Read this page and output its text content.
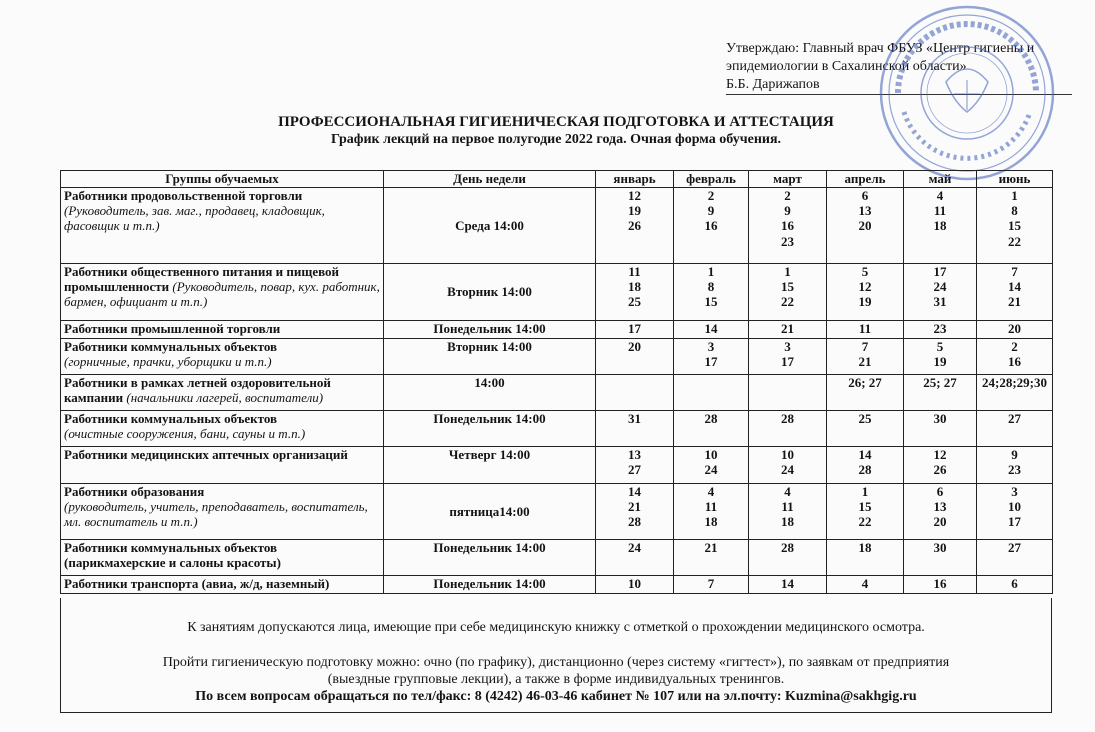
Утверждаю: Главный врач ФБУЗ «Центр гигиены и
эпидемиологии в Сахалинской области»
Б.Б. Дарижапов
ПРОФЕССИОНАЛЬНАЯ ГИГИЕНИЧЕСКАЯ ПОДГОТОВКА И АТТЕСТАЦИЯ
График лекций на первое полугодие 2022 года. Очная форма обучения.
Группы обучаемых	День недели	январь	февраль	март	апрель	май	июнь
Работники продовольственной торговли
(Руководитель, зав. маг., продавец, кладовщик, фасовщик и т.п.)	Среда 14:00	12
19
26	2
9
16	2
9
16
23	6
13
20	4
11
18	1
8
15
22

Работники общественного питания и пищевой промышленности (Руководитель, повар, кух. работник, бармен, официант и т.п.)	Вторник 14:00	11
18
25	1
8
15	1
15
22	5
12
19	17
24
31	7
14
21

Работники промышленной торговли	Понедельник 14:00	17	14	21	11	23	20
Работники коммунальных объектов
(горничные, прачки, уборщики и т.п.)	Вторник 14:00	20	3
17	3
17	7
21	5
19	2
16

Работники в рамках летней оздоровительной кампании (начальники лагерей, воспитатели)	14:00				26; 27	25; 27	24;28;29;30
Работники коммунальных объектов
(очистные сооружения, бани, сауны и т.п.)	Понедельник 14:00	31	28	28	25	30	27
Работники медицинских аптечных организаций	Четверг 14:00	13
27	10
24	10
24	14
28	12
26	9
23

Работники образования
(руководитель, учитель, преподаватель, воспитатель, мл. воспитатель и т.п.)	пятница14:00	14
21
28	4
11
18	4
11
18	1
15
22	6
13
20	3
10
17

Работники коммунальных объектов (парикмахерские и салоны красоты)	Понедельник 14:00	24	21	28	18	30	27
Работники транспорта (авиа, ж/д, наземный)	Понедельник 14:00	10	7	14	4	16	6

К занятиям допускаются лица, имеющие при себе медицинскую книжку с отметкой о прохождении медицинского осмотра.

Пройти гигиеническую подготовку можно: очно (по графику), дистанционно (через систему «гигтест»), по заявкам от предприятия

(выездные групповые лекции), а также в форме индивидуальных тренингов.

По всем вопросам обращаться по тел/факс: 8 (4242) 46-03-46 кабинет № 107 или на эл.почту: Kuzmina@sakhgig.ru
